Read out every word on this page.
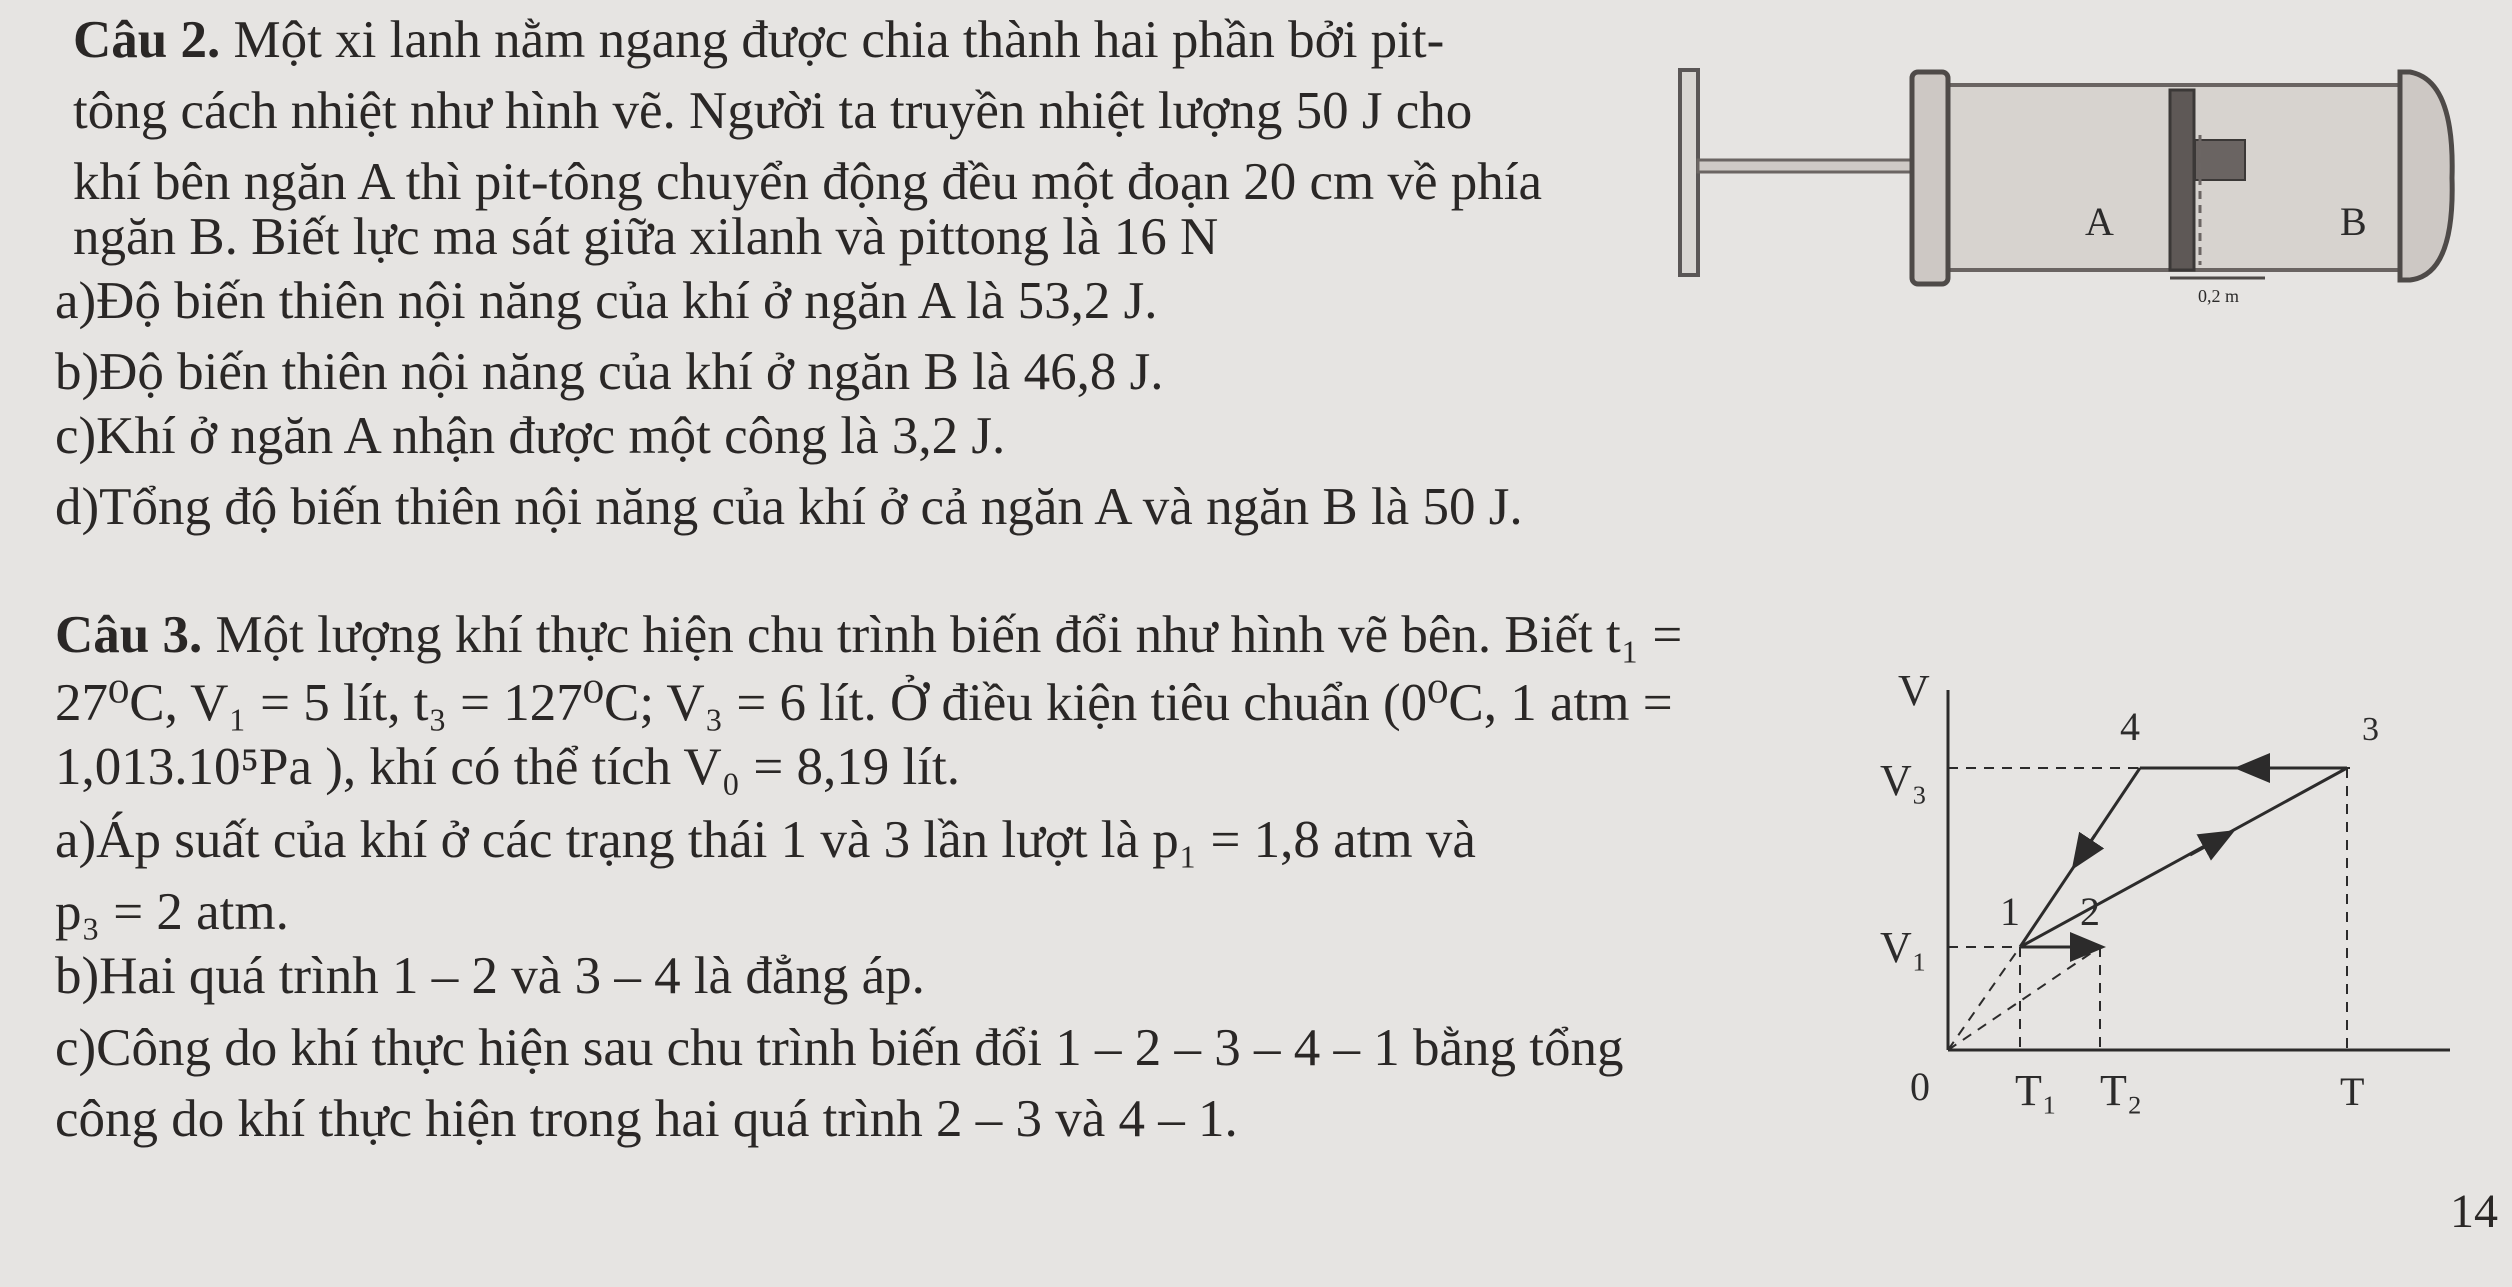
Câu 2. Một xi lanh nằm ngang được chia thành hai phần bởi pit-
tông cách nhiệt như hình vẽ. Người ta truyền nhiệt lượng 50 J cho
khí bên ngăn A thì pit-tông chuyển động đều một đoạn 20 cm về phía
ngăn B. Biết lực ma sát giữa xilanh và pittong là 16 N
a)Độ biến thiên nội năng của khí ở ngăn A là 53,2 J.
b)Độ biến thiên nội năng của khí ở ngăn B là 46,8 J.
c)Khí ở ngăn A nhận được một công là 3,2 J.
d)Tổng độ biến thiên nội năng của khí ở cả ngăn A và ngăn B là 50 J.
A	B
0,2 m
Câu 3. Một lượng khí thực hiện chu trình biến đổi như hình vẽ bên. Biết t₁ =
27⁰C, V₁ = 5 lít, t₃ = 127⁰C; V₃ = 6 lít. Ở điều kiện tiêu chuẩn (0⁰C, 1 atm =
1,013.10⁵Pa ), khí có thể tích V₀ = 8,19 lít.
a)Áp suất của khí ở các trạng thái 1 và 3 lần lượt là p₁ = 1,8 atm và
p₃ = 2 atm.
b)Hai quá trình 1 – 2 và 3 – 4 là đẳng áp.
c)Công do khí thực hiện sau chu trình biến đổi 1 – 2 – 3 – 4 – 1 bằng tổng
công do khí thực hiện trong hai quá trình 2 – 3 và 4 – 1.
V
0 T₁ T₂	T
V₃
V₁
1 2
3
4
14
